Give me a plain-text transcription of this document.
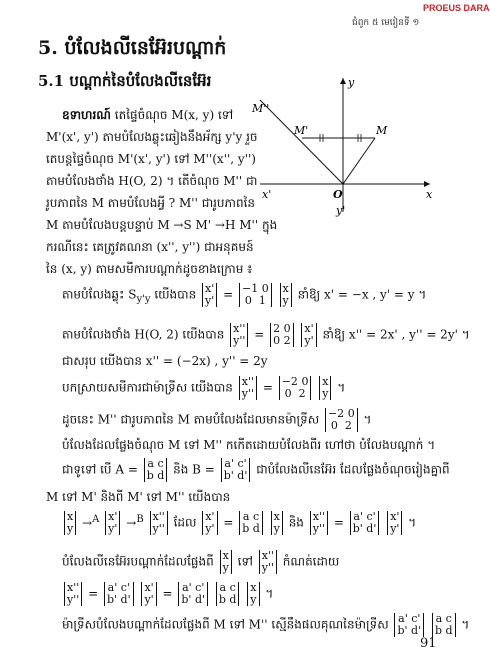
PROEUS DARA
ជំពូក ៥ មេរៀនទី ១
5. បំលែងលីនេអ៊ែរបណ្ដាក់
5.1 បណ្ដាក់នៃបំលែងលីនេអ៊ែរ
ឧទាហរណ៍ តេផ្ទៃចំណុច M(x, y) ទៅ
M'(x', y') តាមបំលែងឆ្លុះឆៀងនឹងអ័ក្ស y'y រួច
តេបន្តផ្ទៃចំណុច M'(x', y') ទៅ M''(x'', y'')
តាមបំលែងថាំង H(O, 2) ។ តើចំណុច M'' ជា
រូបភាពនៃ M តាមបំលែងអ្វី ? M'' ជារូបភាពនៃ
M តាមបំលែងបន្តបន្ទាប់ M →S M' →H M'' ក្នុង
ករណីនេះ គេត្រូវគណនា (x'', y'') ជាអនុគមន៍
នៃ (x, y) តាមសមីការបណ្ដាក់ដូចខាងក្រោម ៖
y
x
x'
y'
O
M
M'
M''
តាមបំលែងឆ្លុះ $S_{y'y}$ យើងបាន x'
y' = −1 0
0 1

x
y នាំឱ្យ x' = −x , y' = y ។
តាមបំលែងថាំង H(O, 2) យើងបាន x''
y'' = 2 0
0 2

x'
y' នាំឱ្យ x'' = 2x' , y'' = 2y' ។
ជាសរុប យើងបាន x'' = (−2x) , y'' = 2y
បកស្រាយសមីការជាម៉ាទ្រីស យើងបាន x''
y'' = −2 0
0 2

x
y ។
ដូចនេះ M'' ជារូបភាពនៃ M តាមបំលែងដែលមានម៉ាទ្រីស −2 0
0 2 ។
បំលែងដែលផ្លែងចំណុច M ទៅ M'' កកើតដោយបំលែងពីរ ហៅថា បំលែងបណ្ដាក់ ។
ជាទូទៅ បើ A = a c
b d និង B = a' c'
b' d' ជាបំលែងលីនេអ៊ែរ ដែលផ្លែងចំណុចរៀងគ្នាពី
M ទៅ M' និងពី M' ទៅ M'' យើងបាន
x
y →$^A$ x'
y' →$^B$ x''
y'' ដែល x'
y' = a c
b d

x
y និង x''
y'' = a' c'
b' d'

x'
y' ។
បំលែងលីនេអ៊ែរបណ្ដាក់ដែលផ្លែងពី x
y ទៅ x''
y'' កំណត់ដោយ
x''
y'' = a' c'
b' d'

x'
y' = a' c'
b' d'

a c
b d

x
y ។
ម៉ាទ្រីសបំលែងបណ្ដាក់ដែលផ្លែងពី M ទៅ M'' ស្មើនឹងផលគុណនៃម៉ាទ្រីស a' c'
b' d'

a c
b d ។
91
